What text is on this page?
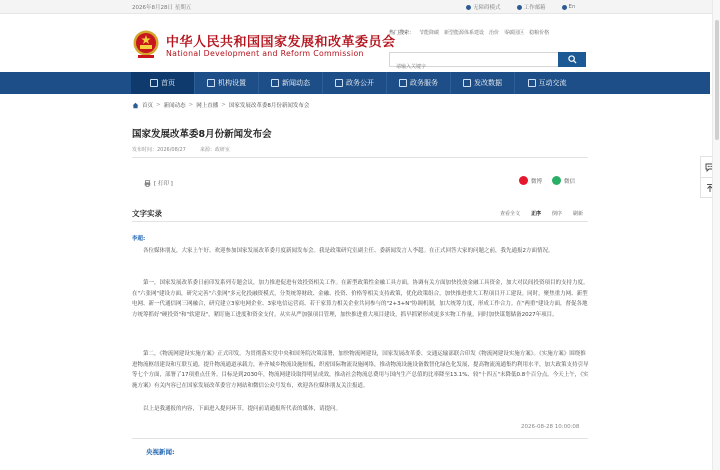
2026年8月28日 星期五	无障碍模式	工作邮箱	En
中华人民共和国国家发展和改革委员会
National Development and Reform Commission
热门搜索： 节能降碳 新型能源体系建设 治价 零碳园区 稳粮价格
请输入关键字
首页	机构设置	新闻动态	政务公开	政务服务	发改数据	互动交流
首页 > 新闻动态 > 网上直播 > 国家发展改革委8月份新闻发布会
国家发展改革委8月份新闻发布会
发布时间：2026/08/27	来源：政研室
[ 打印 ]	微博	微信
文字实录	查看全文 正序 倒序 刷新
李超:
各位媒体朋友，大家上午好。欢迎参加国家发展改革委月度新闻发布会。我是政策研究室副主任、委新闻发言人李超。在正式回答大家的问题之前，我先通报2方面情况。
第一，国家发展改革委日前印发系列专题会议，加力推进促进有效投资相关工作。在新型政策性金融工具方面，协调有关方面加快投放金融工具资金，加大对民间投资项目的支持力度。在"六张网"建设方面，研究完善"六张网"多元化投融资模式，分类统筹财政、金融、投资、价格等相关支持政策，优化政策组合，加快推进重大工程项目开工建设。同时，聚焦重力网、新型电网、新一代通信网三网融合，研究建立3家电网企业、3家电信运营商、若干家算力相关企业共同参与的"2+3+N"协调机制，加大统筹力度，形成工作合力。在"两重"建设方面，督促各地方统筹抓好"硬投资"和"软建设"，紧盯施工进度和资金支付，从实从严加强项目管理，加快推进重大项目建设，抓早抓紧形成更多实物工作量，同时加快谋划储备2027年项目。
第二，《物流网建设实施方案》正式印发。为贯彻落实党中央和国务院决策部署，加快物流网建设，国家发展改革委、交通运输部联合印发《物流网建设实施方案》。《实施方案》围绕推进物流枢纽建设和互联互通，提升物流通道承载力，补齐城乡物流设施短板，织密国际物流设施网络，推动物流设施设备数智化绿色化发展，提高物流流通集约利用水平，加大政策支持引导等七个方面，部署了17项重点任务。目标是到2030年，物流网建设取得明显成效，推动社会物流总费用与国内生产总值的比率降至13.1%、较"十四五"末降低0.8个百分点。今天上午，《实施方案》有关内容已在国家发展改革委官方网站和微信公众号发布，欢迎各位媒体朋友关注报道。
以上是我通报的内容，下面进入提问环节，提问前请通报所代表的媒体，请提问。
2026-08-28 10:00:08
央视新闻:
